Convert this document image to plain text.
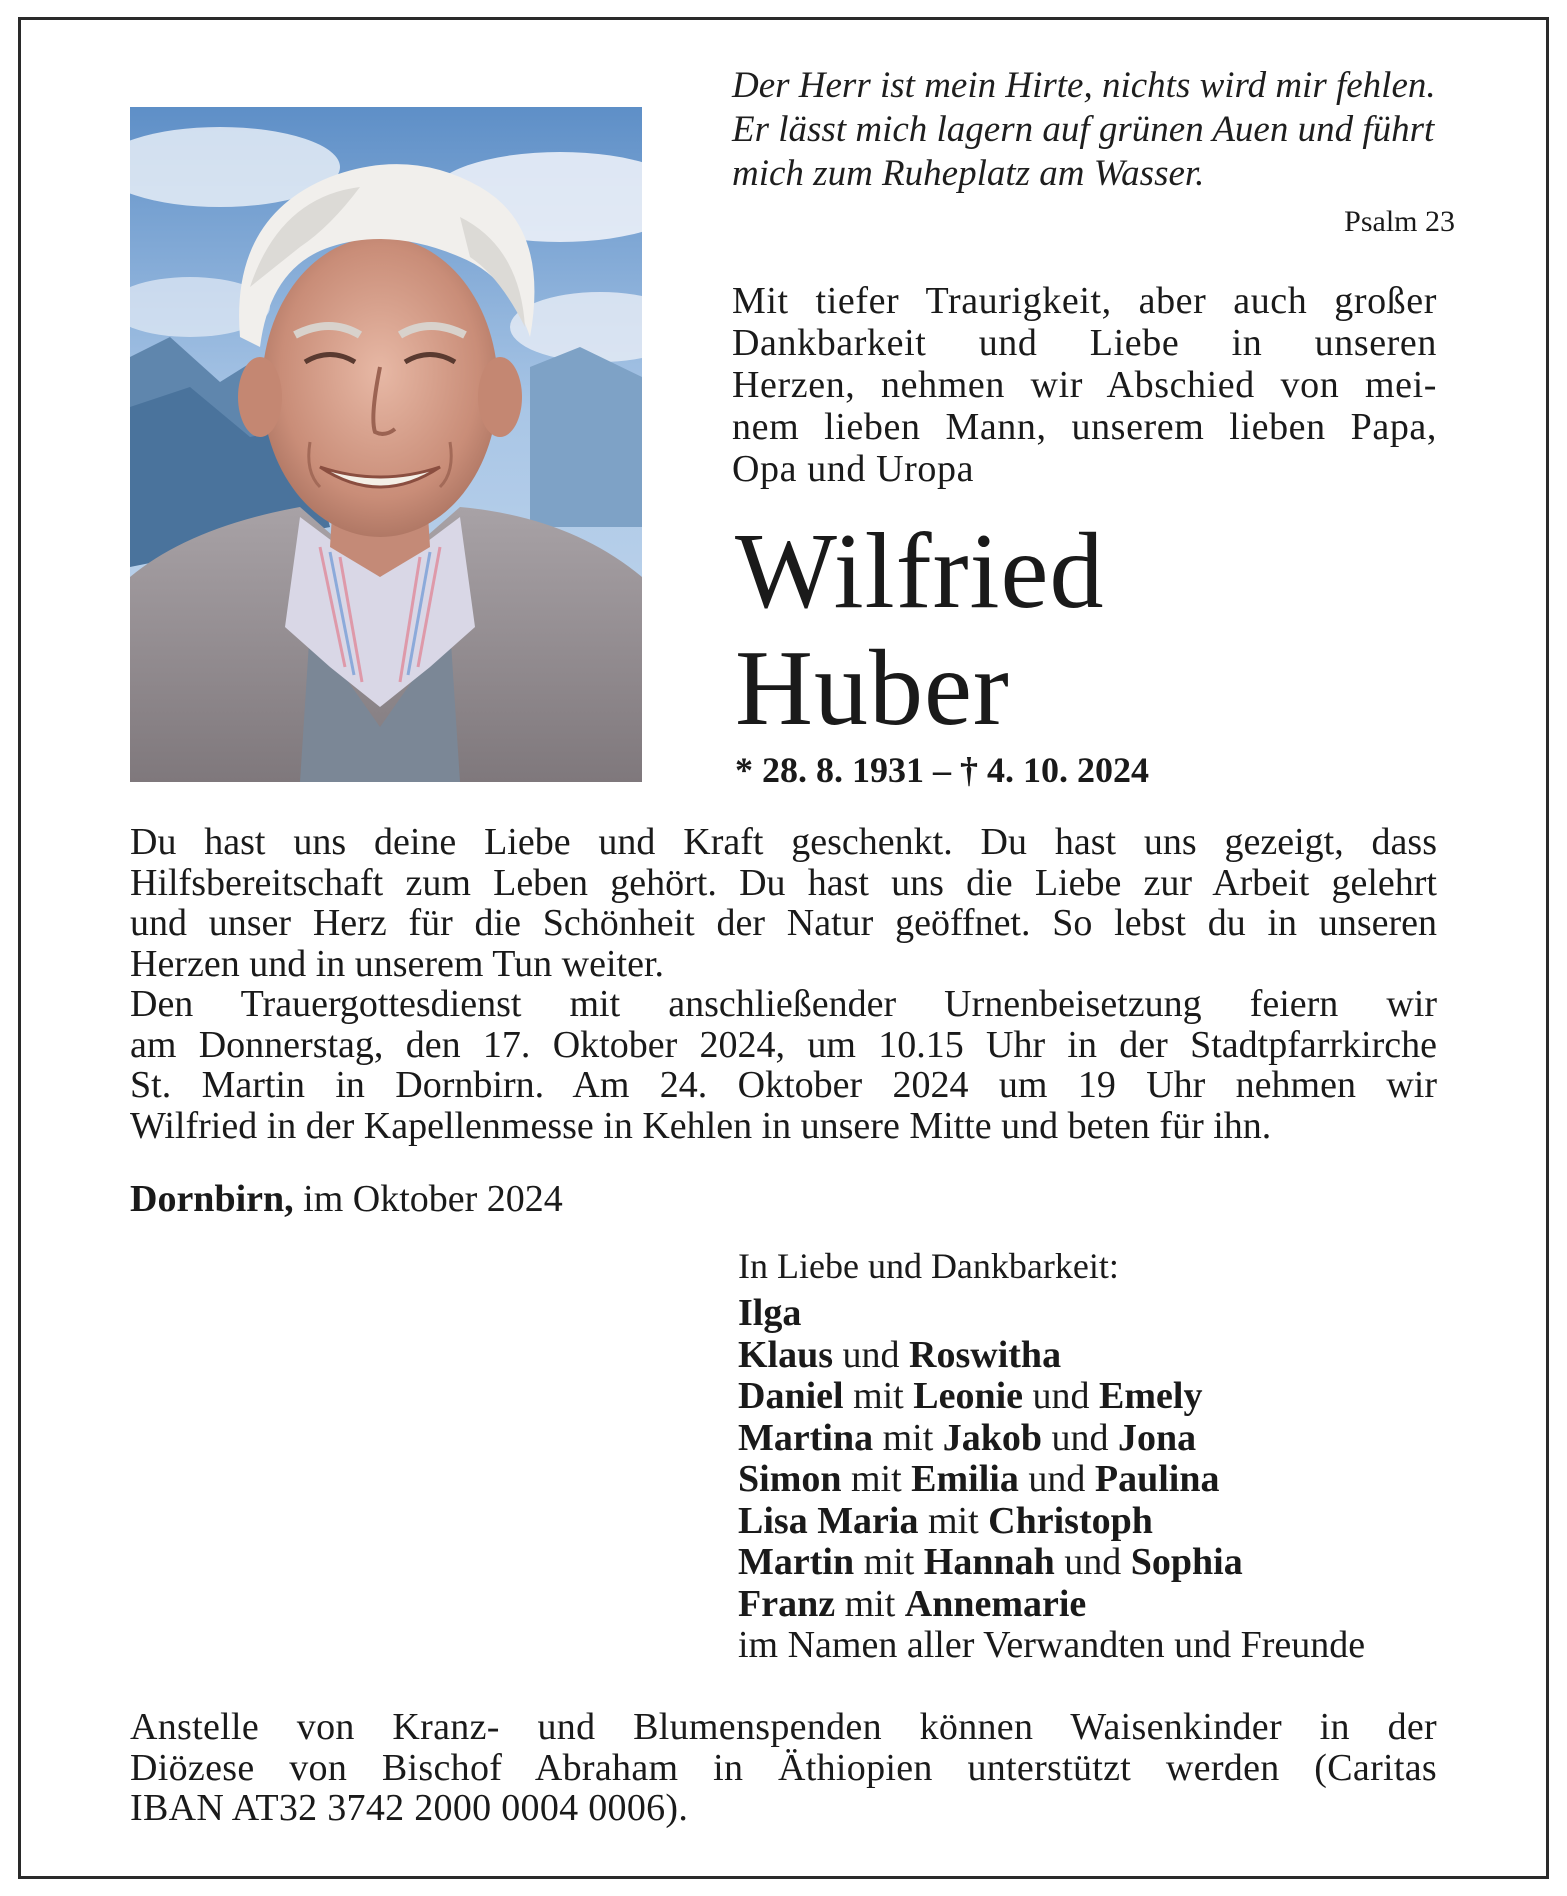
Der Herr ist mein Hirte, nichts wird mir fehlen.
Er lässt mich lagern auf grünen Auen und führt
mich zum Ruheplatz am Wasser.
Psalm 23
Mit tiefer Traurigkeit, aber auch großer
Dankbarkeit und Liebe in unseren
Herzen, nehmen wir Abschied von mei-
nem lieben Mann, unserem lieben Papa,
Opa und Uropa
Wilfried
Huber
* 28. 8. 1931 – † 4. 10. 2024
Du hast uns deine Liebe und Kraft geschenkt. Du hast uns gezeigt, dass
Hilfsbereitschaft zum Leben gehört. Du hast uns die Liebe zur Arbeit gelehrt
und unser Herz für die Schönheit der Natur geöffnet. So lebst du in unseren
Herzen und in unserem Tun weiter.
Den Trauergottesdienst mit anschließender Urnenbeisetzung feiern wir
am Donnerstag, den 17. Oktober 2024, um 10.15 Uhr in der Stadtpfarrkirche
St. Martin in Dornbirn. Am 24. Oktober 2024 um 19 Uhr nehmen wir
Wilfried in der Kapellenmesse in Kehlen in unsere Mitte und beten für ihn.
Dornbirn, im Oktober 2024
In Liebe und Dankbarkeit:
Ilga
Klaus und Roswitha
Daniel mit Leonie und Emely
Martina mit Jakob und Jona
Simon mit Emilia und Paulina
Lisa Maria mit Christoph
Martin mit Hannah und Sophia
Franz mit Annemarie
im Namen aller Verwandten und Freunde
Anstelle von Kranz- und Blumenspenden können Waisenkinder in der
Diözese von Bischof Abraham in Äthiopien unterstützt werden (Caritas
IBAN AT32 3742 2000 0004 0006).
